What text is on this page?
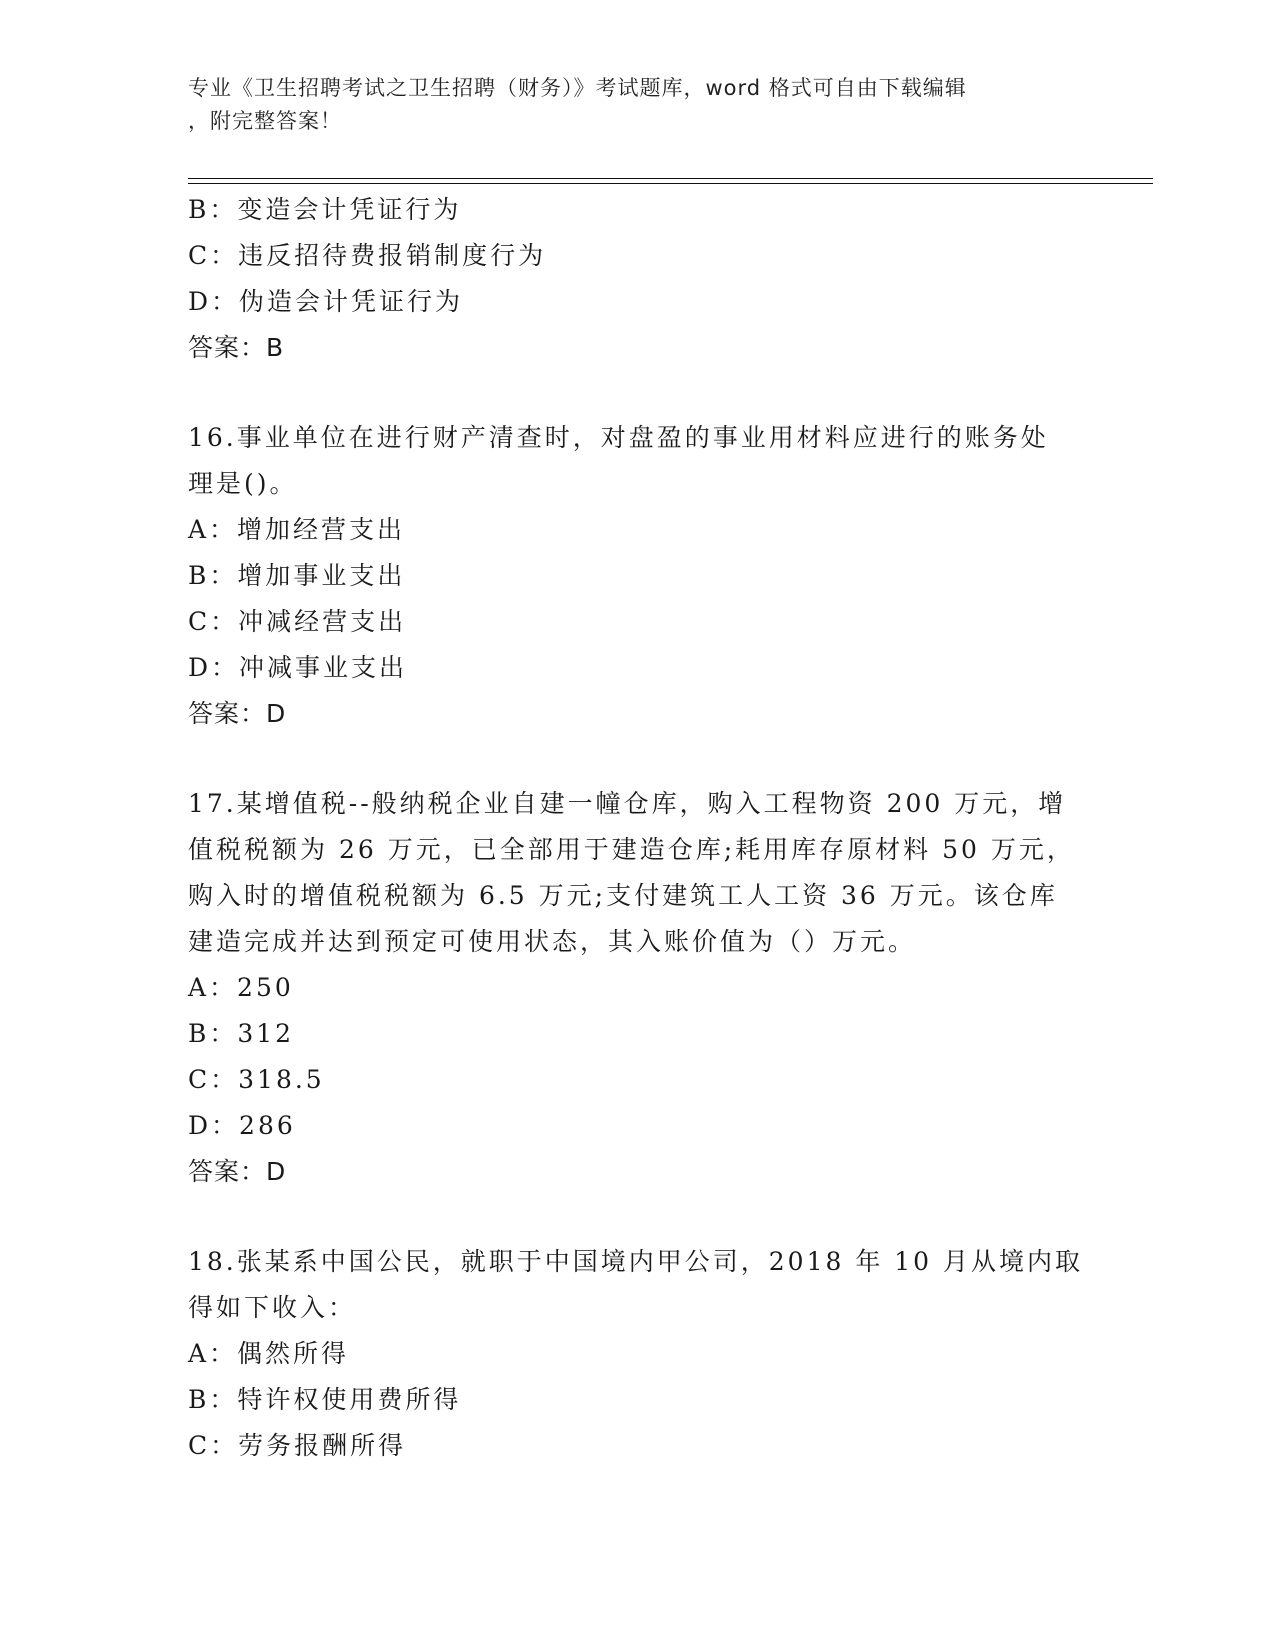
专业《卫生招聘考试之卫生招聘（财务）》考试题库，word 格式可自由下载编辑
，附完整答案！
B：变造会计凭证行为
C：违反招待费报销制度行为
D：伪造会计凭证行为
答案：B
16.事业单位在进行财产清查时，对盘盈的事业用材料应进行的账务处
理是()。
A：增加经营支出
B：增加事业支出
C：冲减经营支出
D：冲减事业支出
答案：D
17.某增值税--般纳税企业自建一幢仓库，购入工程物资 200 万元，增
值税税额为 26 万元，已全部用于建造仓库;耗用库存原材料 50 万元，
购入时的增值税税额为 6.5 万元;支付建筑工人工资 36 万元。该仓库
建造完成并达到预定可使用状态，其入账价值为（）万元。
A：250
B：312
C：318.5
D：286
答案：D
18.张某系中国公民，就职于中国境内甲公司，2018 年 10 月从境内取
得如下收入：
A：偶然所得
B：特许权使用费所得
C：劳务报酬所得
